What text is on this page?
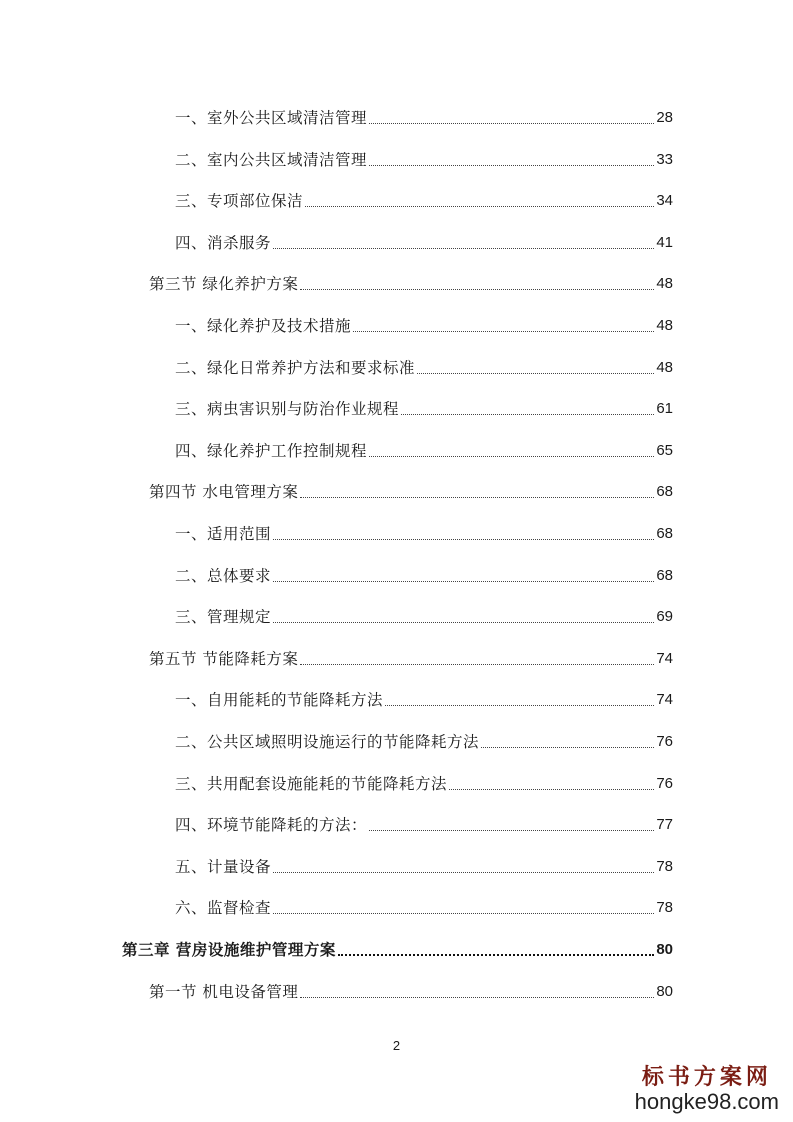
一、室外公共区域清洁管理	28
二、室内公共区域清洁管理	33
三、专项部位保洁	34
四、消杀服务	41
第三节 绿化养护方案	48
一、绿化养护及技术措施	48
二、绿化日常养护方法和要求标准	48
三、病虫害识别与防治作业规程	61
四、绿化养护工作控制规程	65
第四节 水电管理方案	68
一、适用范围	68
二、总体要求	68
三、管理规定	69
第五节 节能降耗方案	74
一、自用能耗的节能降耗方法	74
二、公共区域照明设施运行的节能降耗方法	76
三、共用配套设施能耗的节能降耗方法	76
四、环境节能降耗的方法：	77
五、计量设备	78
六、监督检查	78
第三章 营房设施维护管理方案	80
第一节 机电设备管理	80
2
标书方案网
hongke98.com
